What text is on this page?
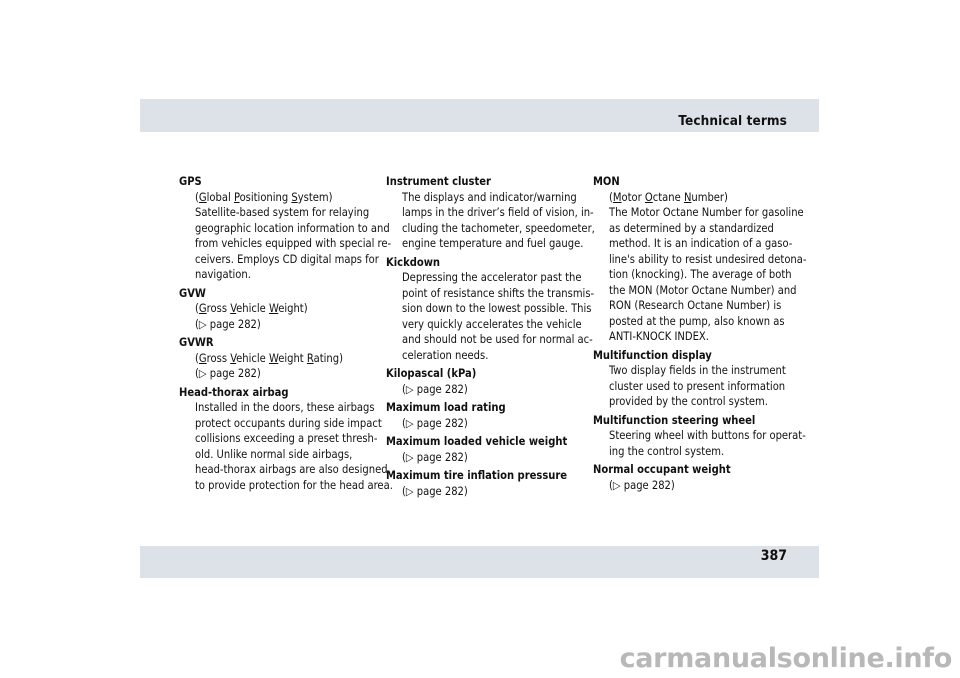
Technical terms
GPS
(Global Positioning System)
Satellite-based system for relaying
geographic location information to and
from vehicles equipped with special re-
ceivers. Employs CD digital maps for
navigation.
GVW
(Gross Vehicle Weight)
(▷ page 282)
GVWR
(Gross Vehicle Weight Rating)
(▷ page 282)
Head-thorax airbag
Installed in the doors, these airbags
protect occupants during side impact
collisions exceeding a preset thresh-
old. Unlike normal side airbags,
head-thorax airbags are also designed
to provide protection for the head area.
Instrument cluster
The displays and indicator/warning
lamps in the driver’s field of vision, in-
cluding the tachometer, speedometer,
engine temperature and fuel gauge.
Kickdown
Depressing the accelerator past the
point of resistance shifts the transmis-
sion down to the lowest possible. This
very quickly accelerates the vehicle
and should not be used for normal ac-
celeration needs.
Kilopascal (kPa)
(▷ page 282)
Maximum load rating
(▷ page 282)
Maximum loaded vehicle weight
(▷ page 282)
Maximum tire inflation pressure
(▷ page 282)
MON
(Motor Octane Number)
The Motor Octane Number for gasoline
as determined by a standardized
method. It is an indication of a gaso-
line's ability to resist undesired detona-
tion (knocking). The average of both
the MON (Motor Octane Number) and
RON (Research Octane Number) is
posted at the pump, also known as
ANTI-KNOCK INDEX.
Multifunction display
Two display fields in the instrument
cluster used to present information
provided by the control system.
Multifunction steering wheel
Steering wheel with buttons for operat-
ing the control system.
Normal occupant weight
(▷ page 282)
387
carmanualsonline.info
